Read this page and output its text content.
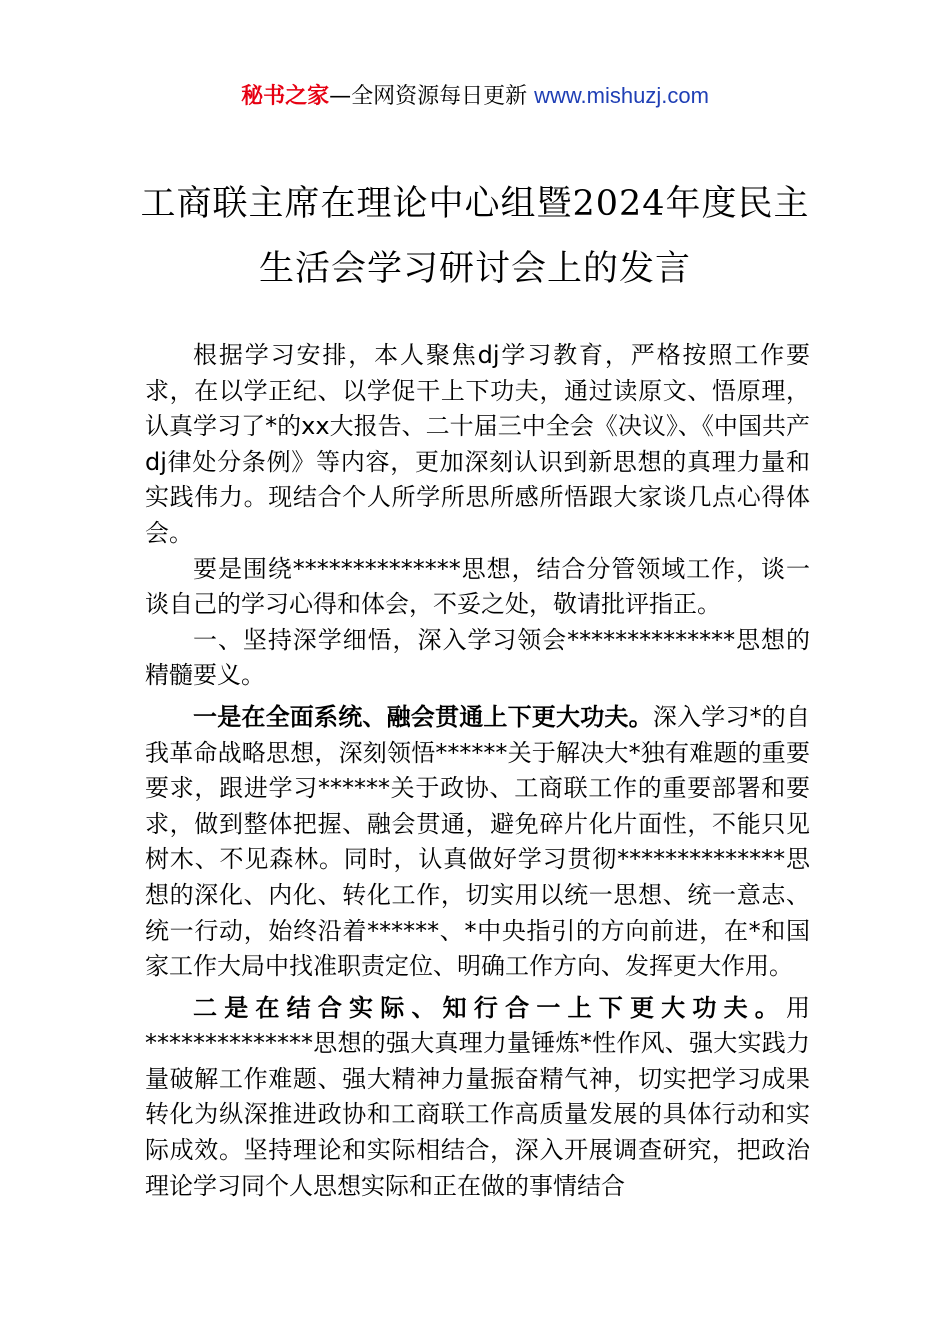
秘书之家—全网资源每日更新 www.mishuzj.com
工商联主席在理论中心组暨2024年度民主
生活会学习研讨会上的发言

根据学习安排，本人聚焦dj学习教育，严格按照工作要求，在以学正纪、以学促干上下功夫，通过读原文、悟原理，认真学习了*的xx大报告、二十届三中全会《决议》、《中国共产dj律处分条例》等内容，更加深刻认识到新思想的真理力量和实践伟力。现结合个人所学所思所感所悟跟大家谈几点心得体会。

要是围绕**************思想，结合分管领域工作，谈一谈自己的学习心得和体会，不妥之处，敬请批评指正。

一、坚持深学细悟，深入学习领会**************思想的精髓要义。

一是在全面系统、融会贯通上下更大功夫。深入学习*的自我革命战略思想，深刻领悟******关于解决大*独有难题的重要要求，跟进学习******关于政协、工商联工作的重要部署和要求，做到整体把握、融会贯通，避免碎片化片面性，不能只见树木、不见森林。同时，认真做好学习贯彻**************思想的深化、内化、转化工作，切实用以统一思想、统一意志、统一行动，始终沿着******、*中央指引的方向前进，在*和国家工作大局中找准职责定位、明确工作方向、发挥更大作用。

二是在结合实际、知行合一上下更大功夫。用**************思想的强大真理力量锤炼*性作风、强大实践力量破解工作难题、强大精神力量振奋精气神，切实把学习成果转化为纵深推进政协和工商联工作高质量发展的具体行动和实际成效。坚持理论和实际相结合，深入开展调查研究，把政治理论学习同个人思想实际和正在做的事情结合
